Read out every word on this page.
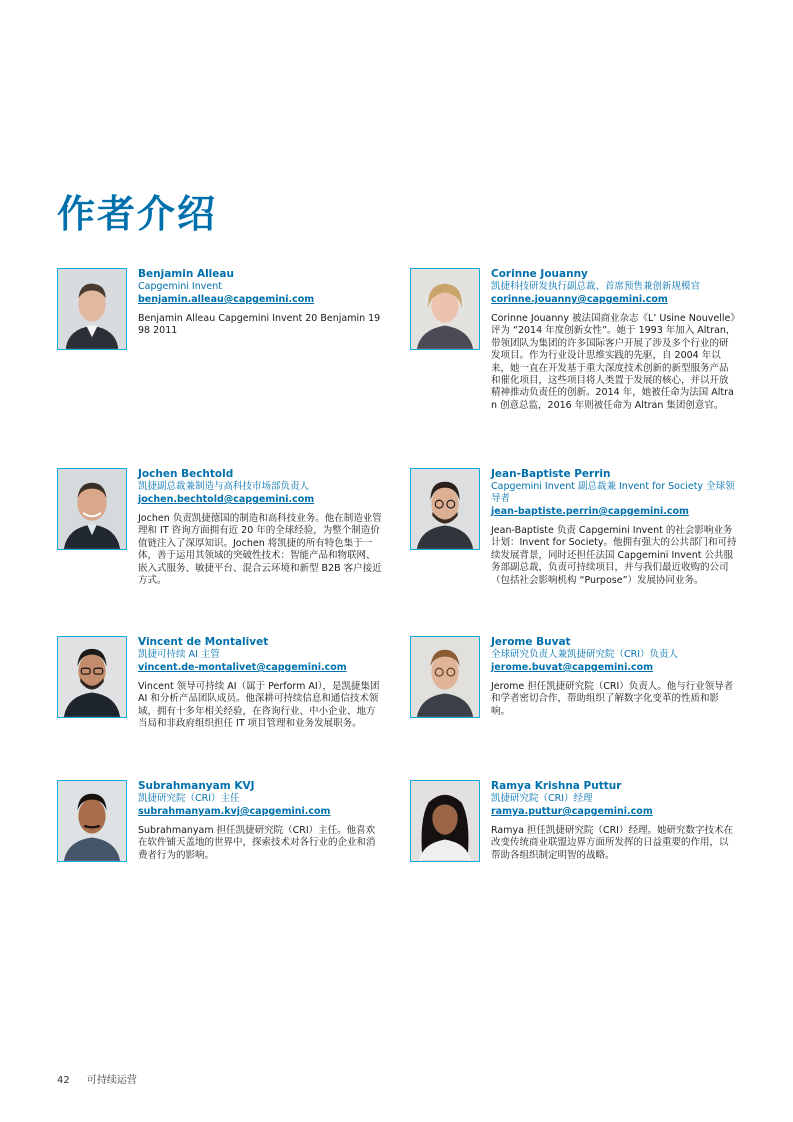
作者介绍
Benjamin Alleau
Capgemini Invent
benjamin.alleau@capgemini.com
Benjamin Alleau Capgemini Invent 20 Benjamin 1998 2011
Corinne Jouanny
凯捷科技研发执行副总裁、首席预售兼创新规模官
corinne.jouanny@capgemini.com
Corinne Jouanny 被法国商业杂志《L’ Usine Nouvelle》评为 “2014 年度创新女性”。她于 1993 年加入 Altran，带领团队为集团的许多国际客户开展了涉及多个行业的研发项目。作为行业设计思维实践的先驱，自 2004 年以来，她一直在开发基于重大深度技术创新的新型服务产品和催化项目，这些项目将人类置于发展的核心，并以开放精神推动负责任的创新。2014 年，她被任命为法国 Altran 创意总监，2016 年则被任命为 Altran 集团创意官。
Jochen Bechtold
凯捷副总裁兼制造与高科技市场部负责人
jochen.bechtold@capgemini.com
Jochen 负责凯捷德国的制造和高科技业务。他在制造业管理和 IT 咨询方面拥有近 20 年的全球经验，为整个制造价值链注入了深厚知识。Jochen 将凯捷的所有特色集于一体，善于运用其领域的突破性技术：智能产品和物联网、嵌入式服务、敏捷平台、混合云环境和新型 B2B 客户接近方式。
Jean-Baptiste Perrin
Capgemini Invent 副总裁兼 Invent for Society 全球领导者
jean-baptiste.perrin@capgemini.com
Jean-Baptiste 负责 Capgemini Invent 的社会影响业务计划：Invent for Society。他拥有强大的公共部门和可持续发展背景，同时还担任法国 Capgemini Invent 公共服务部副总裁，负责可持续项目，并与我们最近收购的公司（包括社会影响机构 “Purpose”）发展协同业务。
Vincent de Montalivet
凯捷可持续 AI 主管
vincent.de-montalivet@capgemini.com
Vincent 领导可持续 AI（属于 Perform AI），是凯捷集团 AI 和分析产品团队成员。他深耕可持续信息和通信技术领域，拥有十多年相关经验，在咨询行业、中小企业、地方当局和非政府组织担任 IT 项目管理和业务发展职务。
Jerome Buvat
全球研究负责人兼凯捷研究院（CRI）负责人
jerome.buvat@capgemini.com
Jerome 担任凯捷研究院（CRI）负责人。他与行业领导者和学者密切合作，帮助组织了解数字化变革的性质和影响。
Subrahmanyam KVJ
凯捷研究院（CRI）主任
subrahmanyam.kvj@capgemini.com
Subrahmanyam 担任凯捷研究院（CRI）主任。他喜欢在软件铺天盖地的世界中，探索技术对各行业的企业和消费者行为的影响。
Ramya Krishna Puttur
凯捷研究院（CRI）经理
ramya.puttur@capgemini.com
Ramya 担任凯捷研究院（CRI）经理。她研究数字技术在改变传统商业联盟边界方面所发挥的日益重要的作用，以帮助各组织制定明智的战略。
42 可持续运营
